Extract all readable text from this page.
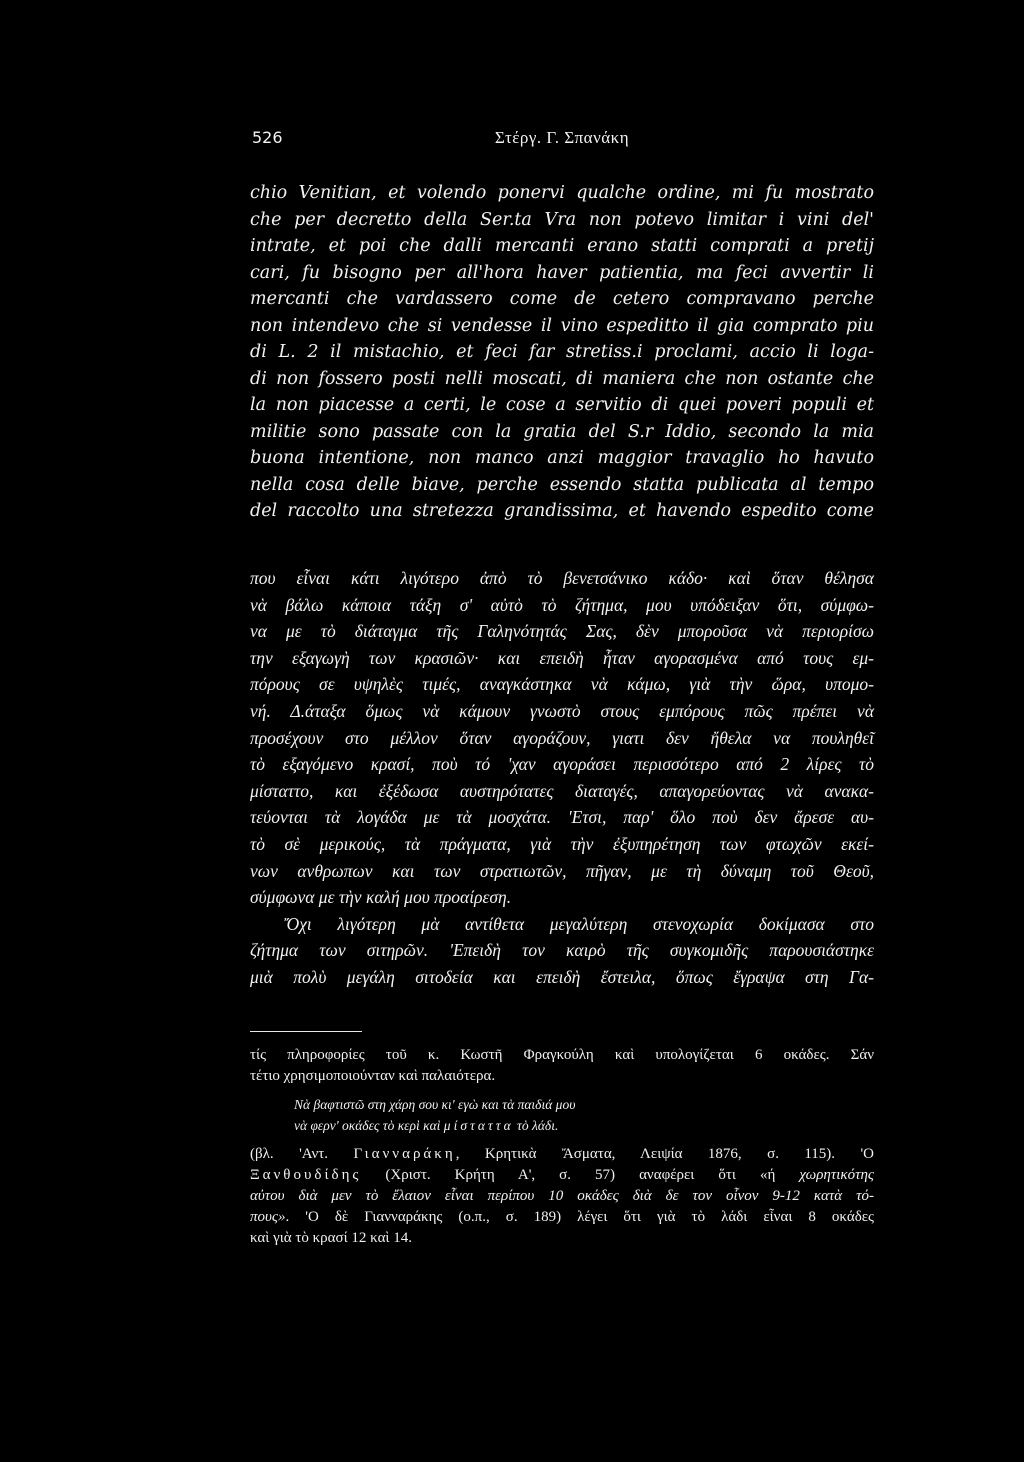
526	Στέργ. Γ. Σπανάκη
chio Venitian, et volendo ponervi qualche ordine, mi fu mostrato
che per decretto della Ser.ta Vra non potevo limitar i vini del'
intrate, et poi che dalli mercanti erano statti comprati a pretij
cari, fu bisogno per all'hora haver patientia, ma feci avvertir li
mercanti che vardassero come de cetero compravano perche
non intendevo che si vendesse il vino espeditto il gia comprato piu
di L. 2 il mistachio, et feci far stretiss.i proclami, accio li loga-
di non fossero posti nelli moscati, di maniera che non ostante che
la non piacesse a certi, le cose a servitio di quei poveri populi et
militie sono passate con la gratia del S.r Iddio, secondo la mia
buona intentione, non manco anzi maggior travaglio ho havuto
nella cosa delle biave, perche essendo statta publicata al tempo
del raccolto una stretezza grandissima, et havendo espedito come
που εἶναι κάτι λιγότερο ἀπὸ τὸ βενετσάνικο κάδο· καὶ ὅταν θέλησα
νὰ βάλω κάποια τάξη σ' αὐτὸ τὸ ζήτημα, μου υπόδειξαν ὅτι, σύμφω-
να με τὸ διάταγμα τῆς Γαληνότητάς Σας, δὲν μποροῦσα νὰ περιορίσω
την εξαγωγὴ των κρασιῶν· και επειδὴ ἦταν αγορασμένα από τους εμ-
πόρους σε υψηλὲς τιμές, αναγκάστηκα νὰ κάμω, γιὰ τὴν ὥρα, υπομο-
νή. Δ.άταξα ὅμως νὰ κάμουν γνωστὸ στους εμπόρους πῶς πρέπει νὰ
προσέχουν στο μέλλον ὅταν αγοράζουν, γιατι δεν ἤθελα να πουληθεῖ
τὸ εξαγόμενο κρασί, ποὺ τό 'χαν αγοράσει περισσότερο από 2 λίρες τὸ
μίσταττο, και ἐξέδωσα αυστηρότατες διαταγές, απαγορεύοντας νὰ ανακα-
τεύονται τὰ λογάδα με τὰ μοσχάτα. 'Ετσι, παρ' ὅλο ποὺ δεν ἄρεσε αυ-
τὸ σὲ μερικούς, τὰ πράγματα, γιὰ τὴν ἐξυπηρέτηση των φτωχῶν εκεί-
νων ανθρωπων και των στρατιωτῶν, πῆγαν, με τὴ δύναμη τοῦ Θεοῦ,
σύμφωνα με τὴν καλή μου προαίρεση.
Ὄχι λιγότερη μὰ αντίθετα μεγαλύτερη στενοχωρία δοκίμασα στο
ζήτημα των σιτηρῶν. 'Επειδὴ τον καιρὸ τῆς συγκομιδῆς παρουσιάστηκε
μιὰ πολὺ μεγάλη σιτοδεία και επειδὴ ἔστειλα, ὅπως ἔγραψα στη Γα-
τίς πληροφορίες τοῦ κ. Κωστῆ Φραγκούλη καὶ υπολογίζεται 6 οκάδες. Σάν
τέτιο χρησιμοποιούνταν καὶ παλαιότερα.
Νὰ βαφτιστῶ στη χάρη σου κι' εγὼ και τὰ παιδιά μου
νὰ φερν' οκάδες τὸ κερὶ καὶ μίσταττα τὸ λάδι.
(βλ. 'Αντ. Γιανναράκη, Κρητικὰ Ἄσματα, Λειψία 1876, σ. 115). 'Ο
Ξανθουδίδης (Χριστ. Κρήτη Α', σ. 57) αναφέρει ὅτι «ή χωρητικότης
αὐτου διὰ μεν τὸ ἔλαιον εἶναι περίπου 10 οκάδες διὰ δε τον οἶνον 9-12 κατὰ τό-
πους». 'Ο δὲ Γιανναράκης (ο.π., σ. 189) λέγει ὅτι γιὰ τὸ λάδι εἶναι 8 οκάδες
καὶ γιὰ τὸ κρασί 12 καὶ 14.
